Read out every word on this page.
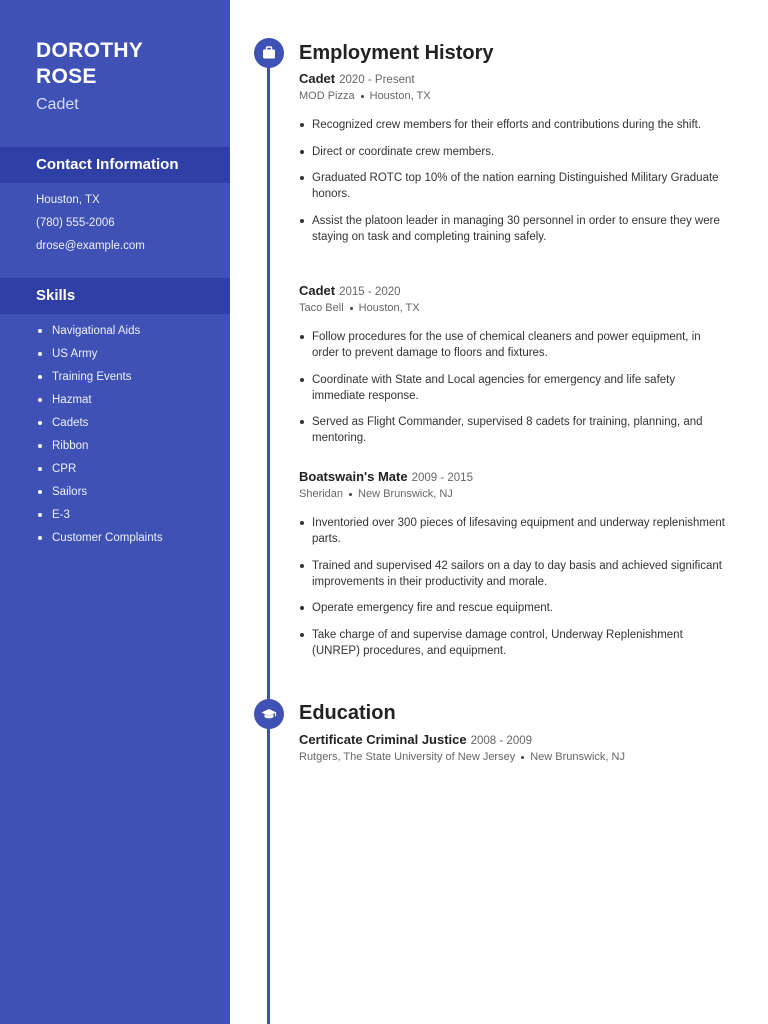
DOROTHY
ROSE
Cadet
Contact Information
Houston, TX
(780) 555-2006
drose@example.com
Skills
Navigational Aids
US Army
Training Events
Hazmat
Cadets
Ribbon
CPR
Sailors
E-3
Customer Complaints
Employment History
Cadet 2020 - Present
MOD Pizza Houston, TX
Recognized crew members for their efforts and contributions during the shift.
Direct or coordinate crew members.
Graduated ROTC top 10% of the nation earning Distinguished Military Graduate honors.
Assist the platoon leader in managing 30 personnel in order to ensure they were staying on task and completing training safely.
Cadet 2015 - 2020
Taco Bell Houston, TX
Follow procedures for the use of chemical cleaners and power equipment, in order to prevent damage to floors and fixtures.
Coordinate with State and Local agencies for emergency and life safety immediate response.
Served as Flight Commander, supervised 8 cadets for training, planning, and mentoring.
Boatswain's Mate 2009 - 2015
Sheridan New Brunswick, NJ
Inventoried over 300 pieces of lifesaving equipment and underway replenishment parts.
Trained and supervised 42 sailors on a day to day basis and achieved significant improvements in their productivity and morale.
Operate emergency fire and rescue equipment.
Take charge of and supervise damage control, Underway Replenishment (UNREP) procedures, and equipment.
Education
Certificate Criminal Justice 2008 - 2009
Rutgers, The State University of New Jersey New Brunswick, NJ
